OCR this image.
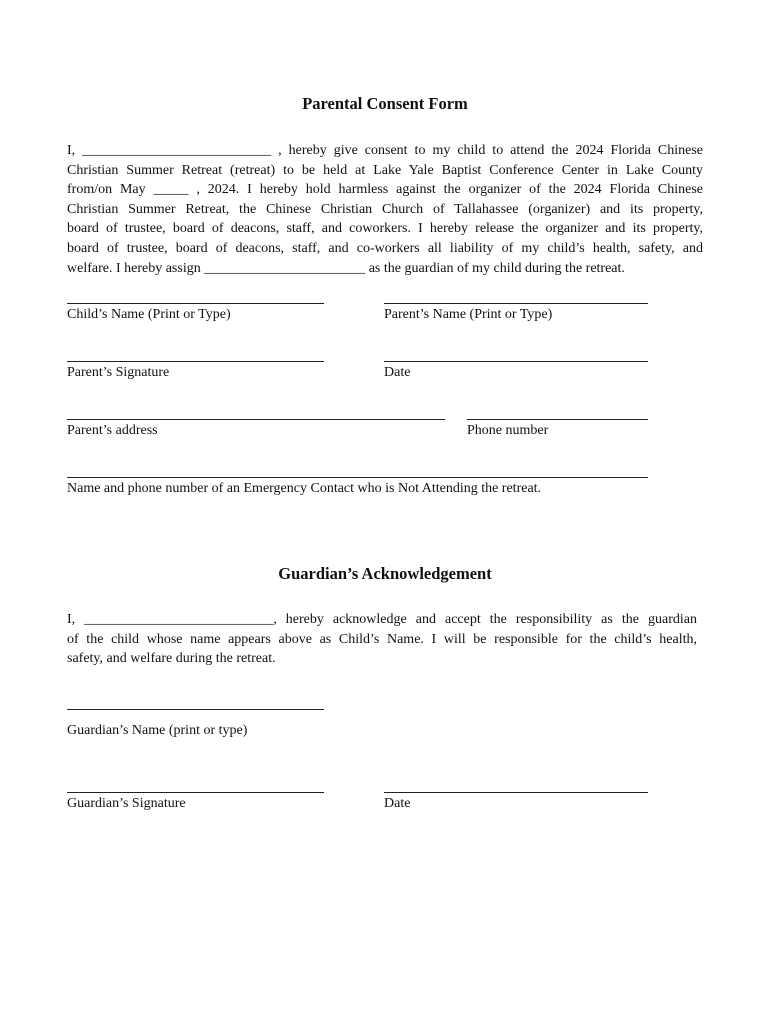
Parental Consent Form
I, ___________________________ , hereby give consent to my child to attend the 2024 Florida Chinese
Christian Summer Retreat (retreat) to be held at Lake Yale Baptist Conference Center in Lake County
from/on May _____ , 2024. I hereby hold harmless against the organizer of the 2024 Florida Chinese
Christian Summer Retreat, the Chinese Christian Church of Tallahassee (organizer) and its property,
board of trustee, board of deacons, staff, and coworkers. I hereby release the organizer and its property,
board of trustee, board of deacons, staff, and co-workers all liability of my child’s health, safety, and
welfare. I hereby assign _______________________ as the guardian of my child during the retreat.
Child’s Name (Print or Type)	Parent’s Name (Print or Type)
Parent’s Signature	Date
Parent’s address	Phone number
Name and phone number of an Emergency Contact who is Not Attending the retreat.
Guardian’s Acknowledgement
I, ___________________________, hereby acknowledge and accept the responsibility as the guardian
of the child whose name appears above as Child’s Name. I will be responsible for the child’s health,
safety, and welfare during the retreat.
Guardian’s Name (print or type)
Guardian’s Signature	Date
